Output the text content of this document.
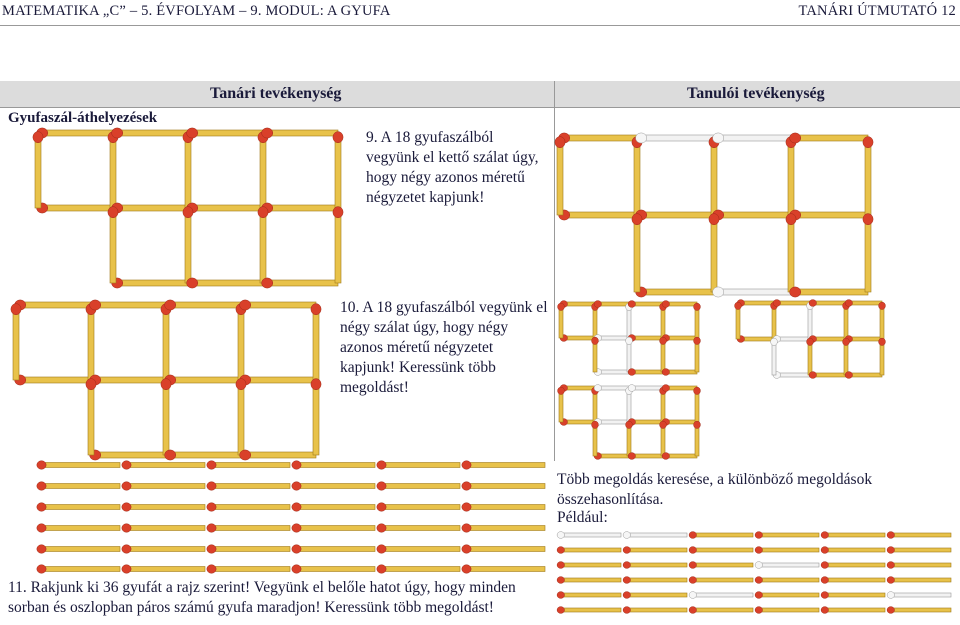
MATEMATIKA „C” – 5. ÉVFOLYAM – 9. MODUL: A GYUFA	TANÁRI ÚTMUTATÓ 12
Tanári tevékenység	Tanulói tevékenység
Gyufaszál-áthelyezések
9. A 18 gyufaszálból vegyünk el kettő szálat úgy, hogy négy azonos méretű négyzetet kapjunk!
10. A 18 gyufaszálból vegyünk el négy szálat úgy, hogy négy azonos méretű négyzetet kapjunk! Keressünk több megoldást!
Több megoldás keresése, a különböző megoldások összehasonlítása.
Például:
11. Rakjunk ki 36 gyufát a rajz szerint! Vegyünk el belőle hatot úgy, hogy minden sorban és oszlopban páros számú gyufa maradjon! Keressünk több megoldást!
